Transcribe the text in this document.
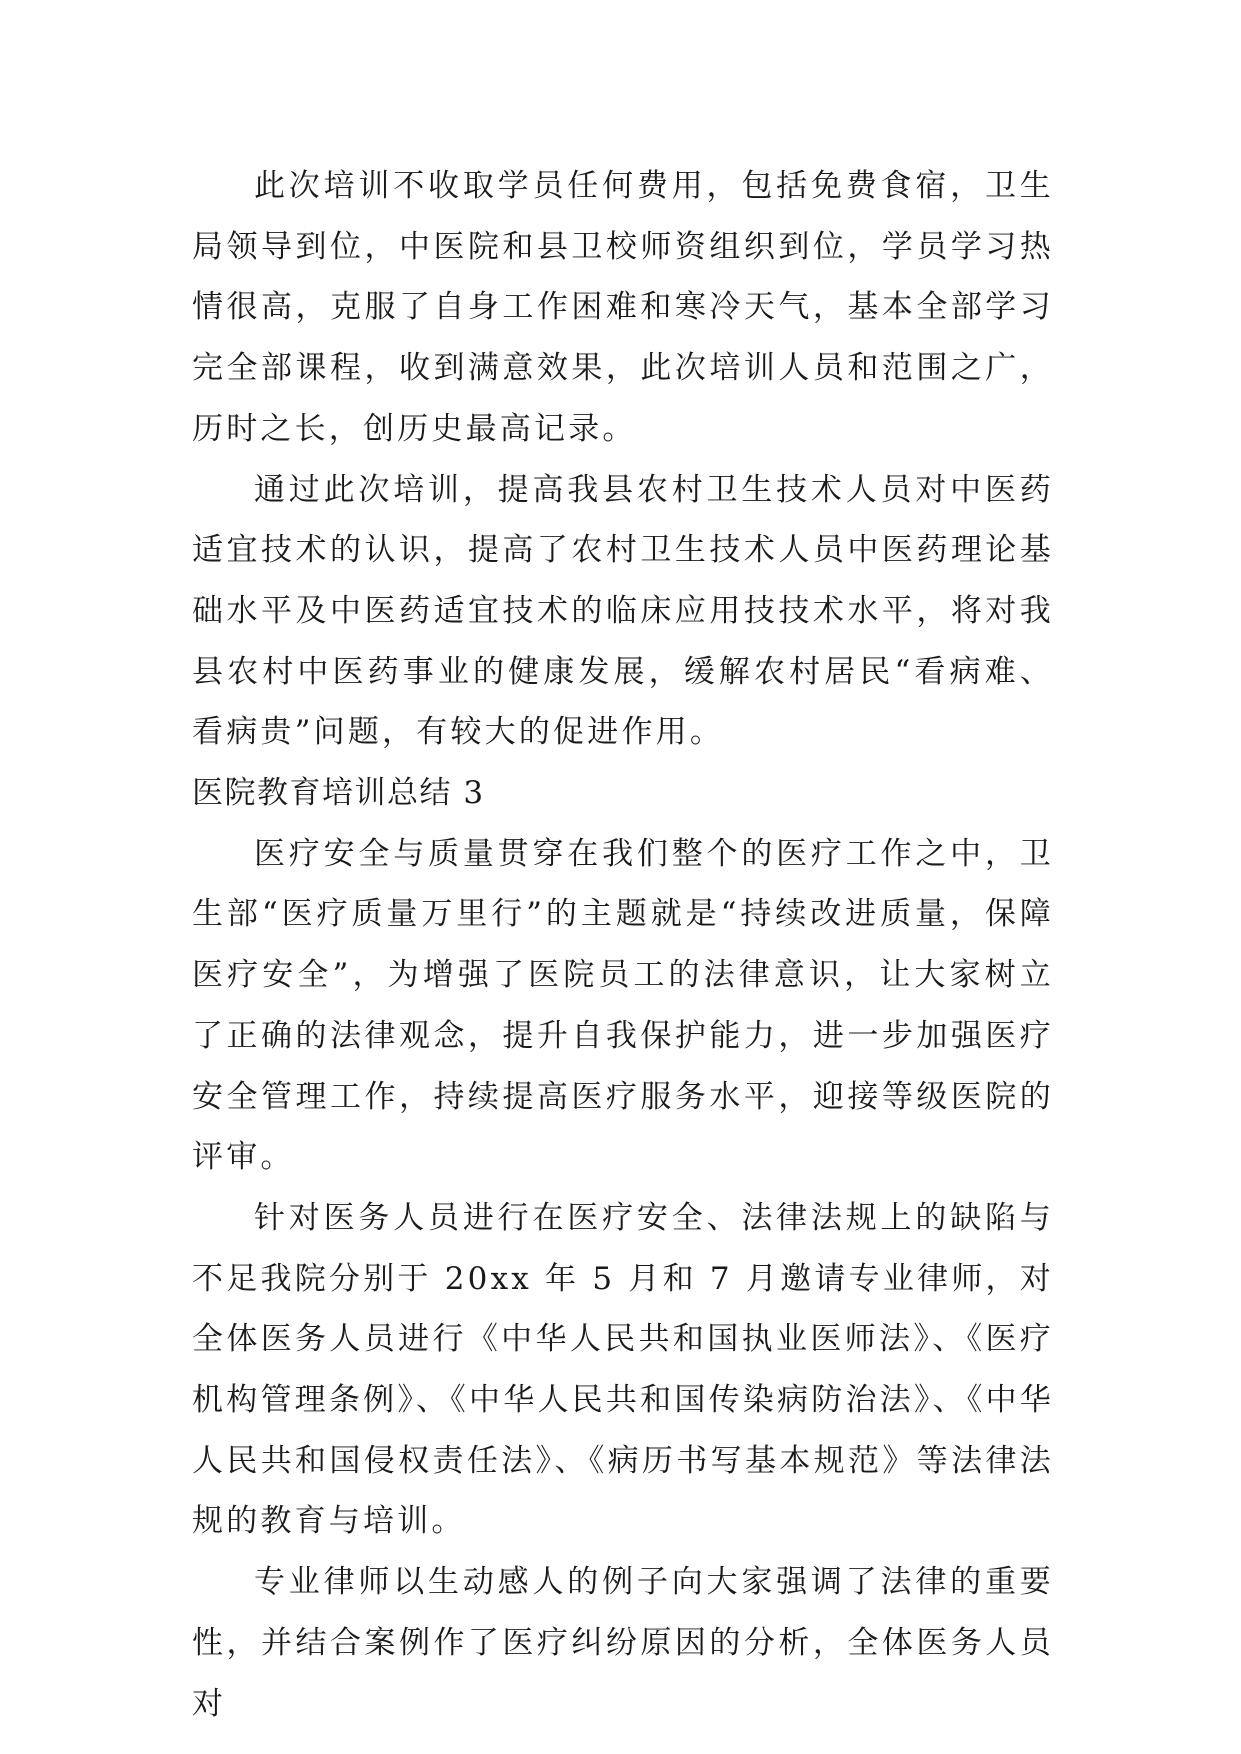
此次培训不收取学员任何费用，包括免费食宿，卫生局领导到位，中医院和县卫校师资组织到位，学员学习热情很高，克服了自身工作困难和寒冷天气，基本全部学习完全部课程，收到满意效果，此次培训人员和范围之广，历时之长，创历史最高记录。

通过此次培训，提高我县农村卫生技术人员对中医药适宜技术的认识，提高了农村卫生技术人员中医药理论基础水平及中医药适宜技术的临床应用技技术水平，将对我县农村中医药事业的健康发展，缓解农村居民“看病难、看病贵”问题，有较大的促进作用。

医院教育培训总结 3

医疗安全与质量贯穿在我们整个的医疗工作之中，卫生部“医疗质量万里行”的主题就是“持续改进质量，保障医疗安全”，为增强了医院员工的法律意识，让大家树立了正确的法律观念，提升自我保护能力，进一步加强医疗安全管理工作，持续提高医疗服务水平，迎接等级医院的评审。

针对医务人员进行在医疗安全、法律法规上的缺陷与不足我院分别于 20xx 年 5 月和 7 月邀请专业律师，对全体医务人员进行《中华人民共和国执业医师法》、《医疗机构管理条例》、《中华人民共和国传染病防治法》、《中华人民共和国侵权责任法》、《病历书写基本规范》等法律法规的教育与培训。

专业律师以生动感人的例子向大家强调了法律的重要性，并结合案例作了医疗纠纷原因的分析，全体医务人员对
